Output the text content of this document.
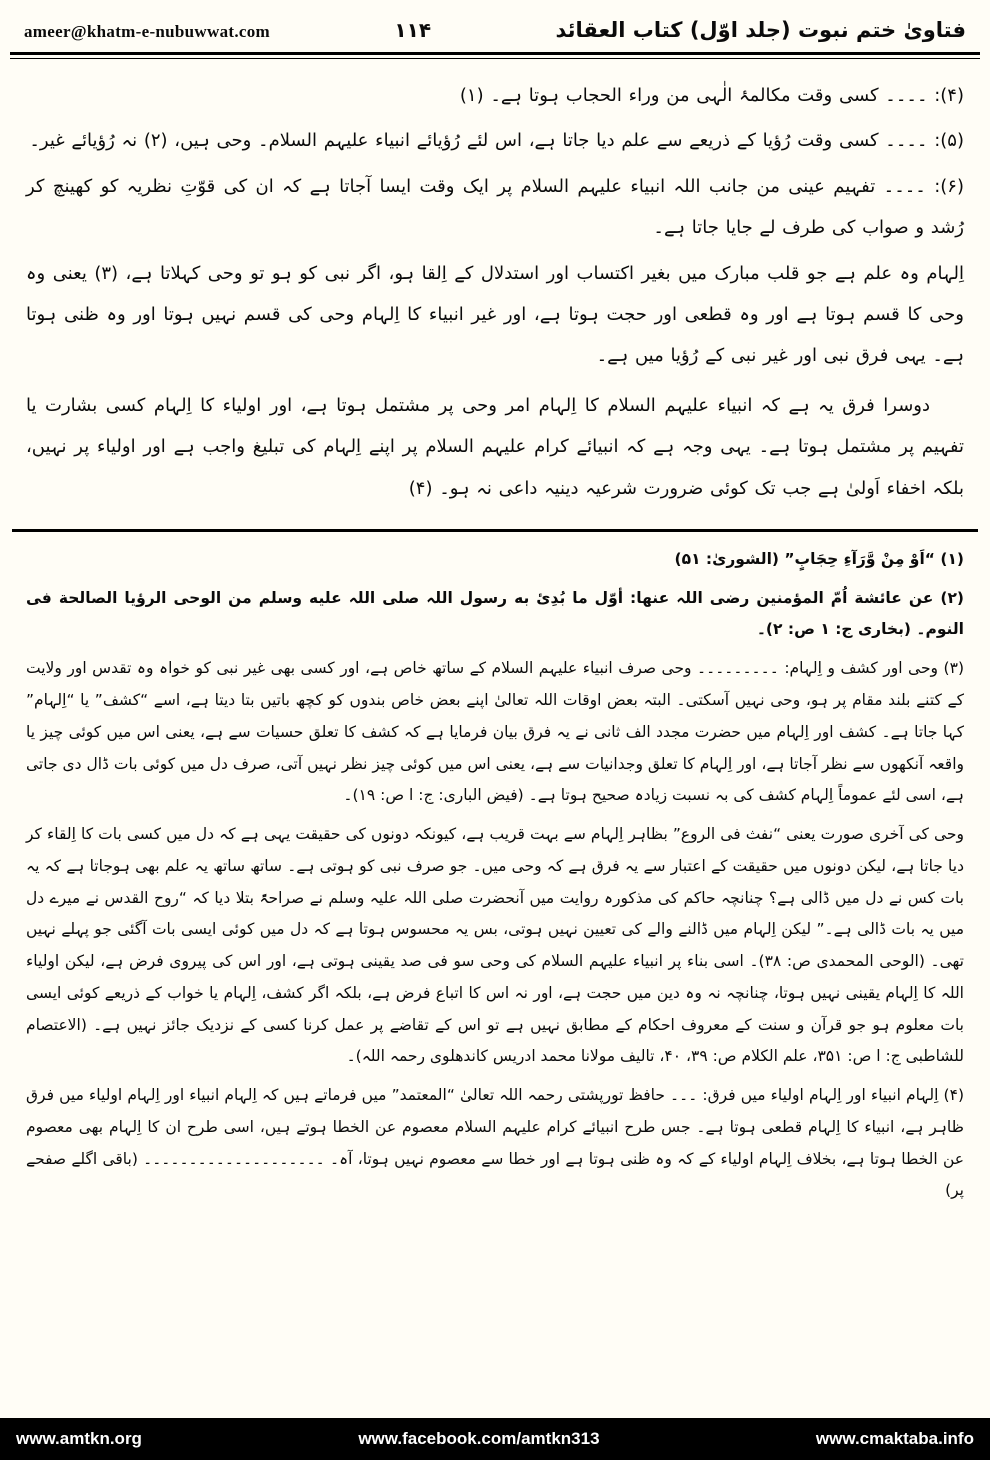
ameer@khatm-e-nubuwwat.com	۱۱۴	فتاویٰ ختم نبوت (جلد اوّل) کتاب العقائد

(۴): ۔۔۔۔ کسی وقت مکالمۂ الٰہی من وراء الحجاب ہوتا ہے۔ (۱)

(۵): ۔۔۔۔ کسی وقت رُؤیا کے ذریعے سے علم دیا جاتا ہے، اس لئے رُؤیائے انبیاء علیہم السلام۔ وحی ہیں، (۲) نہ رُؤیائے غیر۔

(۶): ۔۔۔۔ تفہیم عینی من جانب اللہ انبیاء علیہم السلام پر ایک وقت ایسا آجاتا ہے کہ ان کی قوّتِ نظریہ کو کھینچ کر رُشد و صواب کی طرف لے جایا جاتا ہے۔

اِلہام وہ علم ہے جو قلب مبارک میں بغیر اکتساب اور استدلال کے اِلقا ہو، اگر نبی کو ہو تو وحی کہلاتا ہے، (۳) یعنی وہ وحی کا قسم ہوتا ہے اور وہ قطعی اور حجت ہوتا ہے، اور غیر انبیاء کا اِلہام وحی کی قسم نہیں ہوتا اور وہ ظنی ہوتا ہے۔ یہی فرق نبی اور غیر نبی کے رُؤیا میں ہے۔

دوسرا فرق یہ ہے کہ انبیاء علیہم السلام کا اِلہام امر وحی پر مشتمل ہوتا ہے، اور اولیاء کا اِلہام کسی بشارت یا تفہیم پر مشتمل ہوتا ہے۔ یہی وجہ ہے کہ انبیائے کرام علیہم السلام پر اپنے اِلہام کی تبلیغ واجب ہے اور اولیاء پر نہیں، بلکہ اخفاء اَولیٰ ہے جب تک کوئی ضرورت شرعیہ دینیہ داعی نہ ہو۔ (۴)

(۱) “اَوْ مِنْ وَّرَآءِ حِجَابٍ” (الشوریٰ: ۵۱)

(۲) عن عائشة اُمّ المؤمنین رضی اللہ عنها: أوّل ما بُدِئ به رسول اللہ صلی اللہ علیه وسلم من الوحی الرؤیا الصالحة فی النوم۔ (بخاری ج: ۱ ص: ۲)۔

(۳) وحی اور کشف و اِلہام: ۔۔۔۔۔۔۔۔۔ وحی صرف انبیاء علیہم السلام کے ساتھ خاص ہے، اور کسی بھی غیر نبی کو خواہ وہ تقدس اور ولایت کے کتنے بلند مقام پر ہو، وحی نہیں آسکتی۔ البتہ بعض اوقات اللہ تعالیٰ اپنے بعض خاص بندوں کو کچھ باتیں بتا دیتا ہے، اسے “کشف” یا “اِلہام” کہا جاتا ہے۔ کشف اور اِلہام میں حضرت مجدد الف ثانی نے یہ فرق بیان فرمایا ہے کہ کشف کا تعلق حسیات سے ہے، یعنی اس میں کوئی چیز یا واقعہ آنکھوں سے نظر آجاتا ہے، اور اِلہام کا تعلق وجدانیات سے ہے، یعنی اس میں کوئی چیز نظر نہیں آتی، صرف دل میں کوئی بات ڈال دی جاتی ہے، اسی لئے عموماً اِلہام کشف کی بہ نسبت زیادہ صحیح ہوتا ہے۔ (فیض الباری: ج: ا ص: ۱۹)۔

وحی کی آخری صورت یعنی “نفث فی الروع” بظاہر اِلہام سے بہت قریب ہے، کیونکہ دونوں کی حقیقت یہی ہے کہ دل میں کسی بات کا اِلقاء کر دیا جاتا ہے، لیکن دونوں میں حقیقت کے اعتبار سے یہ فرق ہے کہ وحی میں۔ جو صرف نبی کو ہوتی ہے۔ ساتھ ساتھ یہ علم بھی ہوجاتا ہے کہ یہ بات کس نے دل میں ڈالی ہے؟ چنانچہ حاکم کی مذکورہ روایت میں آنحضرت صلی اللہ علیہ وسلم نے صراحۃً بتلا دیا کہ “روح القدس نے میرے دل میں یہ بات ڈالی ہے۔” لیکن اِلہام میں ڈالنے والے کی تعیین نہیں ہوتی، بس یہ محسوس ہوتا ہے کہ دل میں کوئی ایسی بات آگئی جو پہلے نہیں تھی۔ (الوحی المحمدی ص: ۳۸)۔ اسی بناء پر انبیاء علیہم السلام کی وحی سو فی صد یقینی ہوتی ہے، اور اس کی پیروی فرض ہے، لیکن اولیاء اللہ کا اِلہام یقینی نہیں ہوتا، چنانچہ نہ وہ دین میں حجت ہے، اور نہ اس کا اتباع فرض ہے، بلکہ اگر کشف، اِلہام یا خواب کے ذریعے کوئی ایسی بات معلوم ہو جو قرآن و سنت کے معروف احکام کے مطابق نہیں ہے تو اس کے تقاضے پر عمل کرنا کسی کے نزدیک جائز نہیں ہے۔ (الاعتصام للشاطبی ج: ا ص: ۳۵۱، علم الکلام ص: ۳۹، ۴۰، تالیف مولانا محمد ادریس کاندھلوی رحمہ اللہ)۔

(۴) اِلہام انبیاء اور اِلہام اولیاء میں فرق: ۔۔۔ حافظ تورپشتی رحمہ اللہ تعالیٰ “المعتمد” میں فرماتے ہیں کہ اِلہام انبیاء اور اِلہام اولیاء میں فرق ظاہر ہے، انبیاء کا اِلہام قطعی ہوتا ہے۔ جس طرح انبیائے کرام علیہم السلام معصوم عن الخطا ہوتے ہیں، اسی طرح ان کا اِلہام بھی معصوم عن الخطا ہوتا ہے، بخلاف اِلہام اولیاء کے کہ وہ ظنی ہوتا ہے اور خطا سے معصوم نہیں ہوتا، آہ۔ ۔۔۔۔۔۔۔۔۔۔۔۔۔۔۔۔۔۔۔۔ (باقی اگلے صفحے پر)

www.amtkn.org	www.facebook.com/amtkn313	www.cmaktaba.info
